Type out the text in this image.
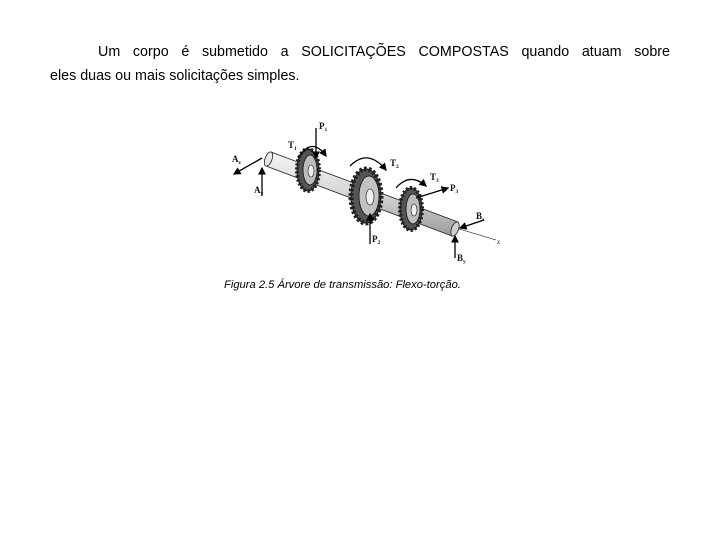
Um corpo é submetido a SOLICITAÇÕES COMPOSTAS quando atuam sobre
eles duas ou mais solicitações simples.

x
$P_1$
$P_2$
$P_3$
$T_1$
$T_2$
$T_3$
$A_z$
$A_y$
$B_z$
$B_y$
Figura 2.5 Árvore de transmissão: Flexo-torção.
